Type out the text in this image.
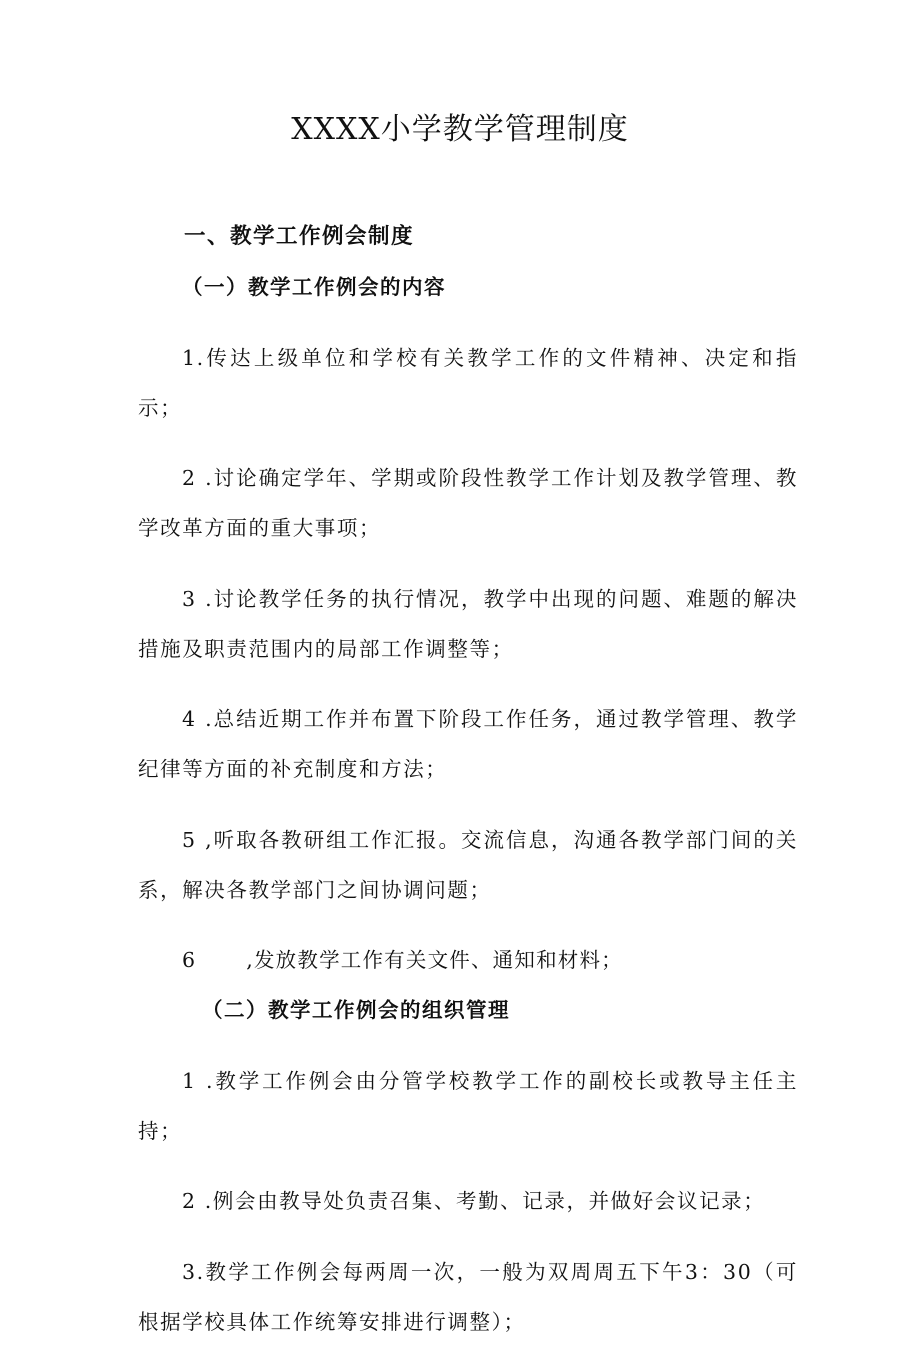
XXXX小学教学管理制度

一、教学工作例会制度

（一）教学工作例会的内容

1.传达上级单位和学校有关教学工作的文件精神、决定和指示；

2 .讨论确定学年、学期或阶段性教学工作计划及教学管理、教学改革方面的重大事项；

3 .讨论教学任务的执行情况，教学中出现的问题、难题的解决措施及职责范围内的局部工作调整等；

4 .总结近期工作并布置下阶段工作任务，通过教学管理、教学纪律等方面的补充制度和方法；

5 ,听取各教研组工作汇报。交流信息，沟通各教学部门间的关系，解决各教学部门之间协调问题；

6 ,发放教学工作有关文件、通知和材料；

（二）教学工作例会的组织管理

1 .教学工作例会由分管学校教学工作的副校长或教导主任主持；

2 .例会由教导处负责召集、考勤、记录，并做好会议记录；

3.教学工作例会每两周一次，一般为双周周五下午3：30（可根据学校具体工作统筹安排进行调整）；
